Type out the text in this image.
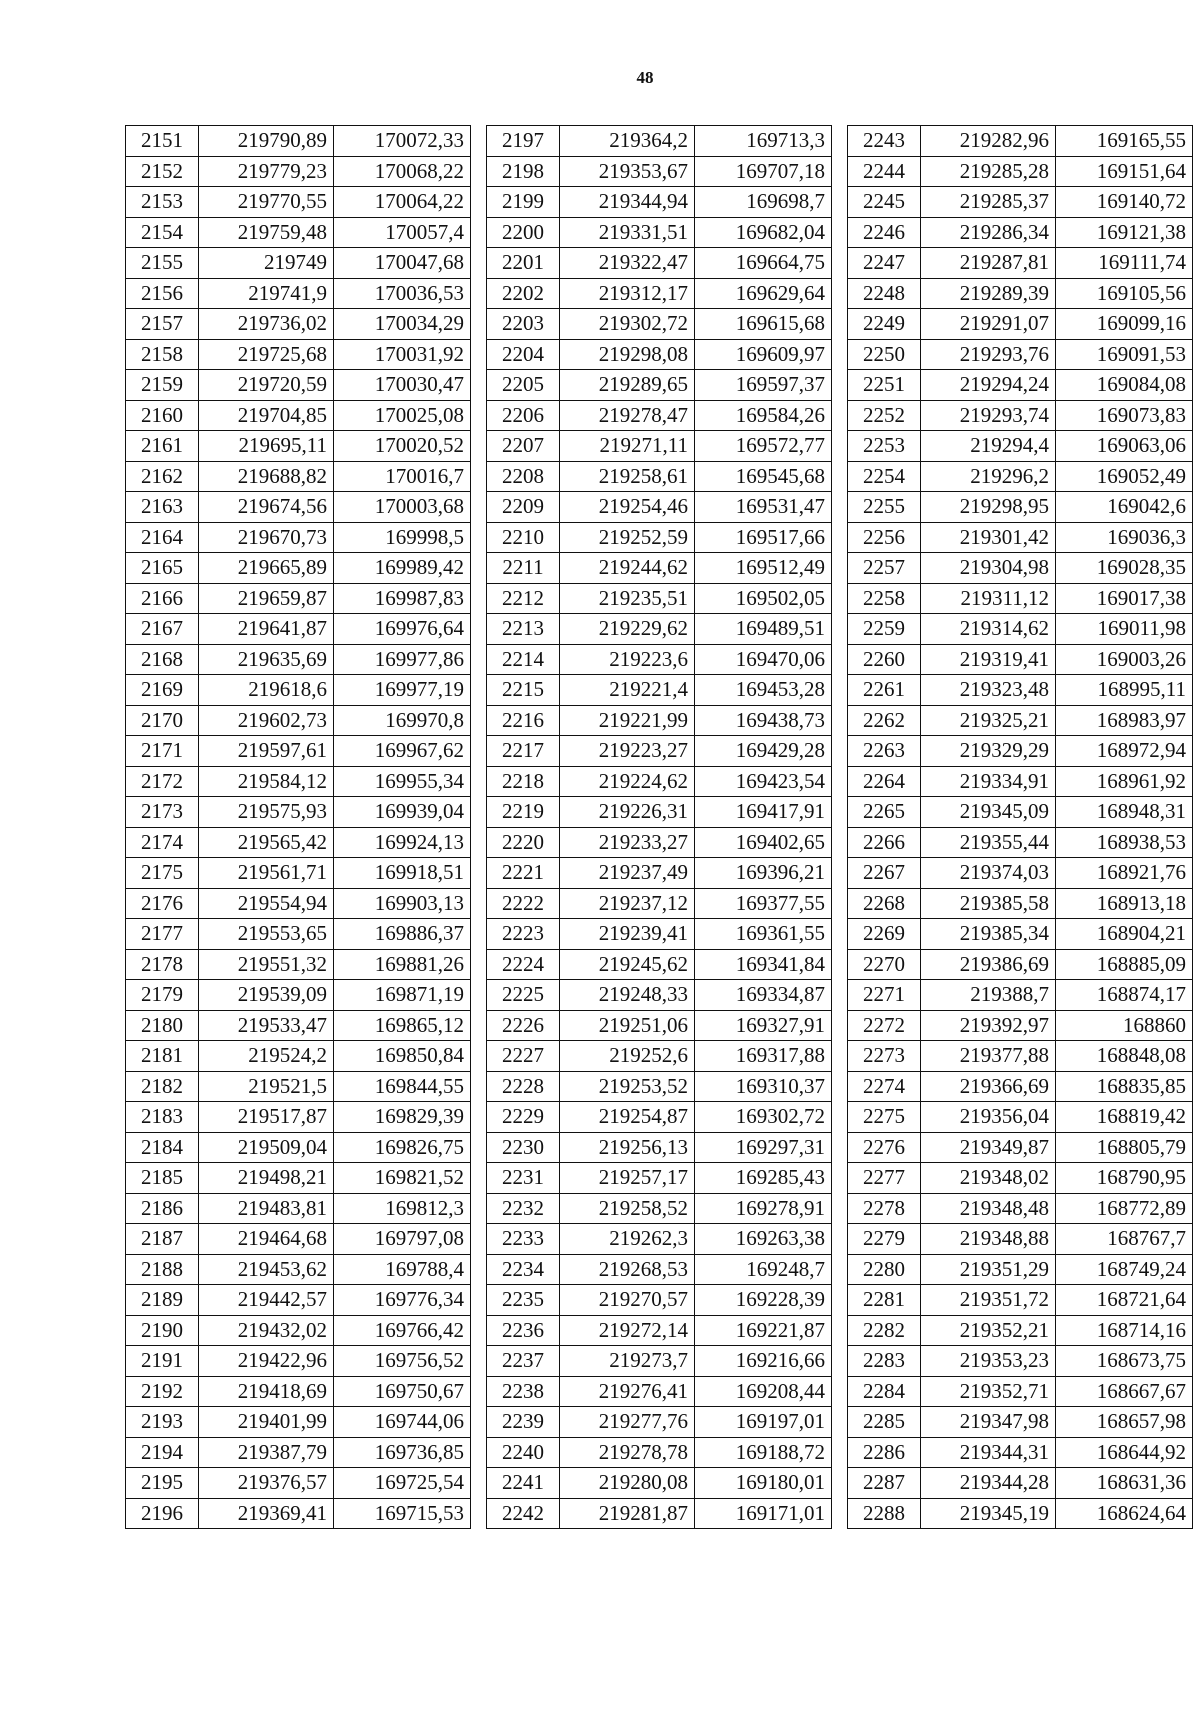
48
2151	219790,89	170072,33
2152	219779,23	170068,22
2153	219770,55	170064,22
2154	219759,48	170057,4
2155	219749	170047,68
2156	219741,9	170036,53
2157	219736,02	170034,29
2158	219725,68	170031,92
2159	219720,59	170030,47
2160	219704,85	170025,08
2161	219695,11	170020,52
2162	219688,82	170016,7
2163	219674,56	170003,68
2164	219670,73	169998,5
2165	219665,89	169989,42
2166	219659,87	169987,83
2167	219641,87	169976,64
2168	219635,69	169977,86
2169	219618,6	169977,19
2170	219602,73	169970,8
2171	219597,61	169967,62
2172	219584,12	169955,34
2173	219575,93	169939,04
2174	219565,42	169924,13
2175	219561,71	169918,51
2176	219554,94	169903,13
2177	219553,65	169886,37
2178	219551,32	169881,26
2179	219539,09	169871,19
2180	219533,47	169865,12
2181	219524,2	169850,84
2182	219521,5	169844,55
2183	219517,87	169829,39
2184	219509,04	169826,75
2185	219498,21	169821,52
2186	219483,81	169812,3
2187	219464,68	169797,08
2188	219453,62	169788,4
2189	219442,57	169776,34
2190	219432,02	169766,42
2191	219422,96	169756,52
2192	219418,69	169750,67
2193	219401,99	169744,06
2194	219387,79	169736,85
2195	219376,57	169725,54
2196	219369,41	169715,53
2197	219364,2	169713,3
2198	219353,67	169707,18
2199	219344,94	169698,7
2200	219331,51	169682,04
2201	219322,47	169664,75
2202	219312,17	169629,64
2203	219302,72	169615,68
2204	219298,08	169609,97
2205	219289,65	169597,37
2206	219278,47	169584,26
2207	219271,11	169572,77
2208	219258,61	169545,68
2209	219254,46	169531,47
2210	219252,59	169517,66
2211	219244,62	169512,49
2212	219235,51	169502,05
2213	219229,62	169489,51
2214	219223,6	169470,06
2215	219221,4	169453,28
2216	219221,99	169438,73
2217	219223,27	169429,28
2218	219224,62	169423,54
2219	219226,31	169417,91
2220	219233,27	169402,65
2221	219237,49	169396,21
2222	219237,12	169377,55
2223	219239,41	169361,55
2224	219245,62	169341,84
2225	219248,33	169334,87
2226	219251,06	169327,91
2227	219252,6	169317,88
2228	219253,52	169310,37
2229	219254,87	169302,72
2230	219256,13	169297,31
2231	219257,17	169285,43
2232	219258,52	169278,91
2233	219262,3	169263,38
2234	219268,53	169248,7
2235	219270,57	169228,39
2236	219272,14	169221,87
2237	219273,7	169216,66
2238	219276,41	169208,44
2239	219277,76	169197,01
2240	219278,78	169188,72
2241	219280,08	169180,01
2242	219281,87	169171,01
2243	219282,96	169165,55
2244	219285,28	169151,64
2245	219285,37	169140,72
2246	219286,34	169121,38
2247	219287,81	169111,74
2248	219289,39	169105,56
2249	219291,07	169099,16
2250	219293,76	169091,53
2251	219294,24	169084,08
2252	219293,74	169073,83
2253	219294,4	169063,06
2254	219296,2	169052,49
2255	219298,95	169042,6
2256	219301,42	169036,3
2257	219304,98	169028,35
2258	219311,12	169017,38
2259	219314,62	169011,98
2260	219319,41	169003,26
2261	219323,48	168995,11
2262	219325,21	168983,97
2263	219329,29	168972,94
2264	219334,91	168961,92
2265	219345,09	168948,31
2266	219355,44	168938,53
2267	219374,03	168921,76
2268	219385,58	168913,18
2269	219385,34	168904,21
2270	219386,69	168885,09
2271	219388,7	168874,17
2272	219392,97	168860
2273	219377,88	168848,08
2274	219366,69	168835,85
2275	219356,04	168819,42
2276	219349,87	168805,79
2277	219348,02	168790,95
2278	219348,48	168772,89
2279	219348,88	168767,7
2280	219351,29	168749,24
2281	219351,72	168721,64
2282	219352,21	168714,16
2283	219353,23	168673,75
2284	219352,71	168667,67
2285	219347,98	168657,98
2286	219344,31	168644,92
2287	219344,28	168631,36
2288	219345,19	168624,64
